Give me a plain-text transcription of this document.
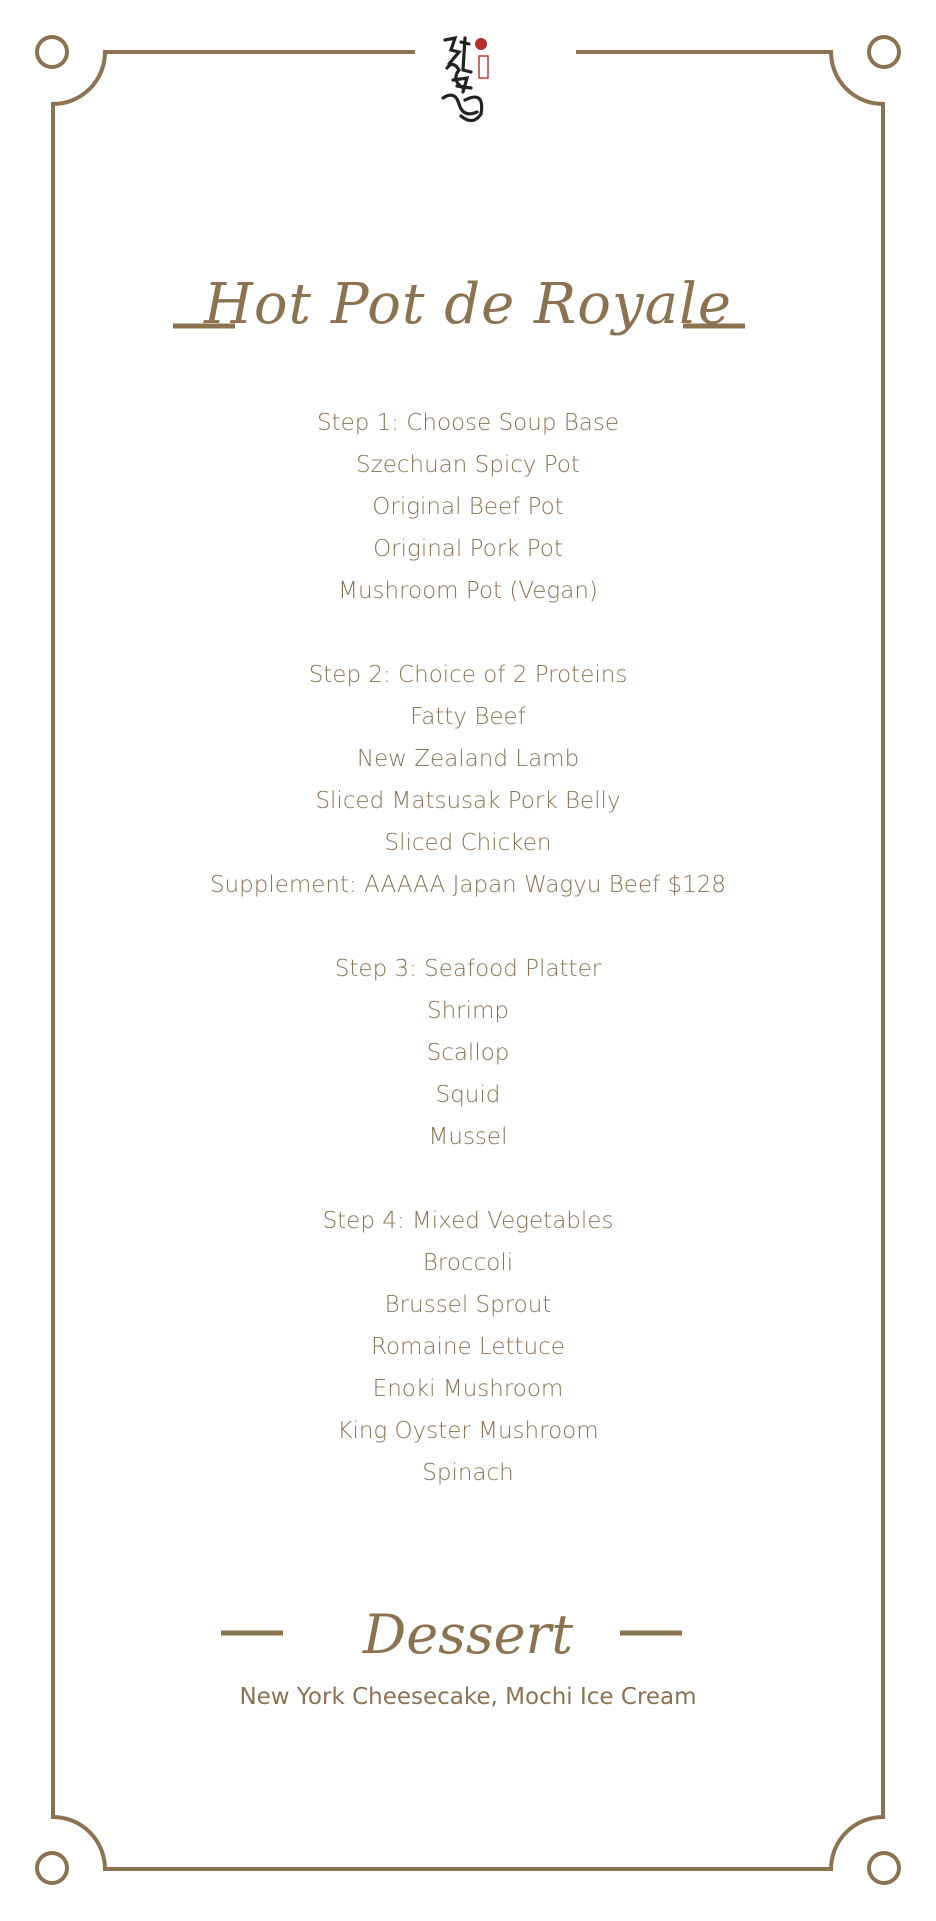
Hot Pot de Royale
Step 1: Choose Soup Base
Szechuan Spicy Pot
Original Beef Pot
Original Pork Pot
Mushroom Pot (Vegan)
Step 2: Choice of 2 Proteins
Fatty Beef
New Zealand Lamb
Sliced Matsusak Pork Belly
Sliced Chicken
Supplement: AAAAA Japan Wagyu Beef $128
Step 3: Seafood Platter
Shrimp
Scallop
Squid
Mussel
Step 4: Mixed Vegetables
Broccoli
Brussel Sprout
Romaine Lettuce
Enoki Mushroom
King Oyster Mushroom
Spinach
Dessert
New York Cheesecake, Mochi Ice Cream
